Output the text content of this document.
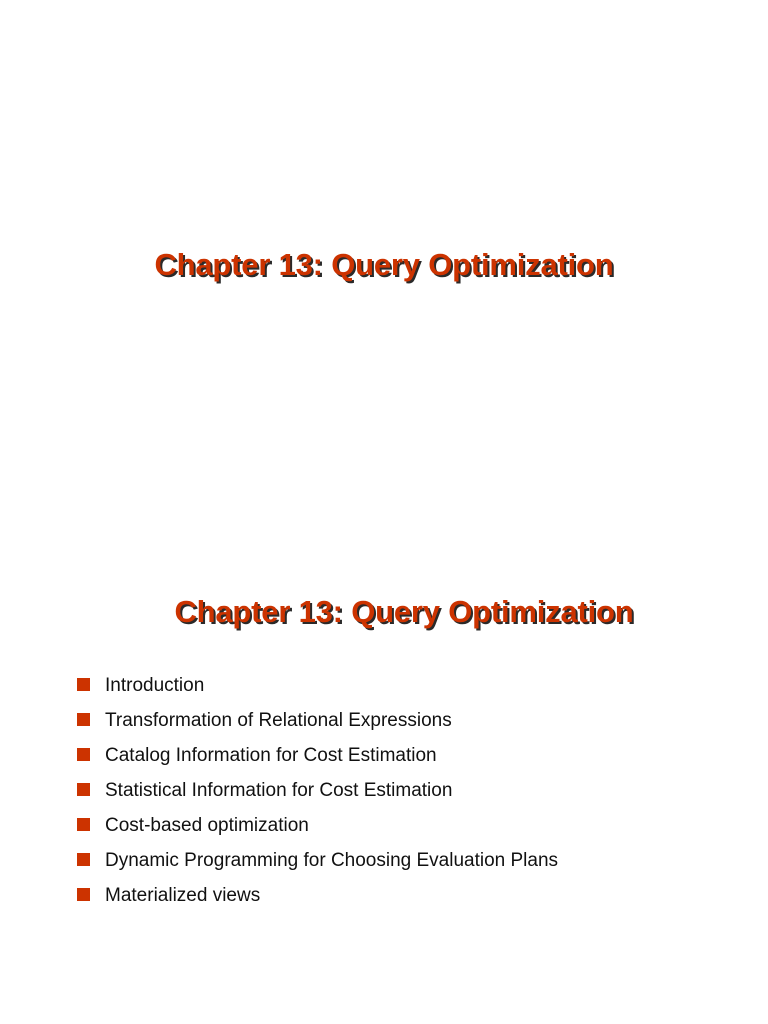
Chapter 13: Query Optimization
Chapter 13: Query Optimization
Introduction
Transformation of Relational Expressions
Catalog Information for Cost Estimation
Statistical Information for Cost Estimation
Cost-based optimization
Dynamic Programming for Choosing Evaluation Plans
Materialized views
